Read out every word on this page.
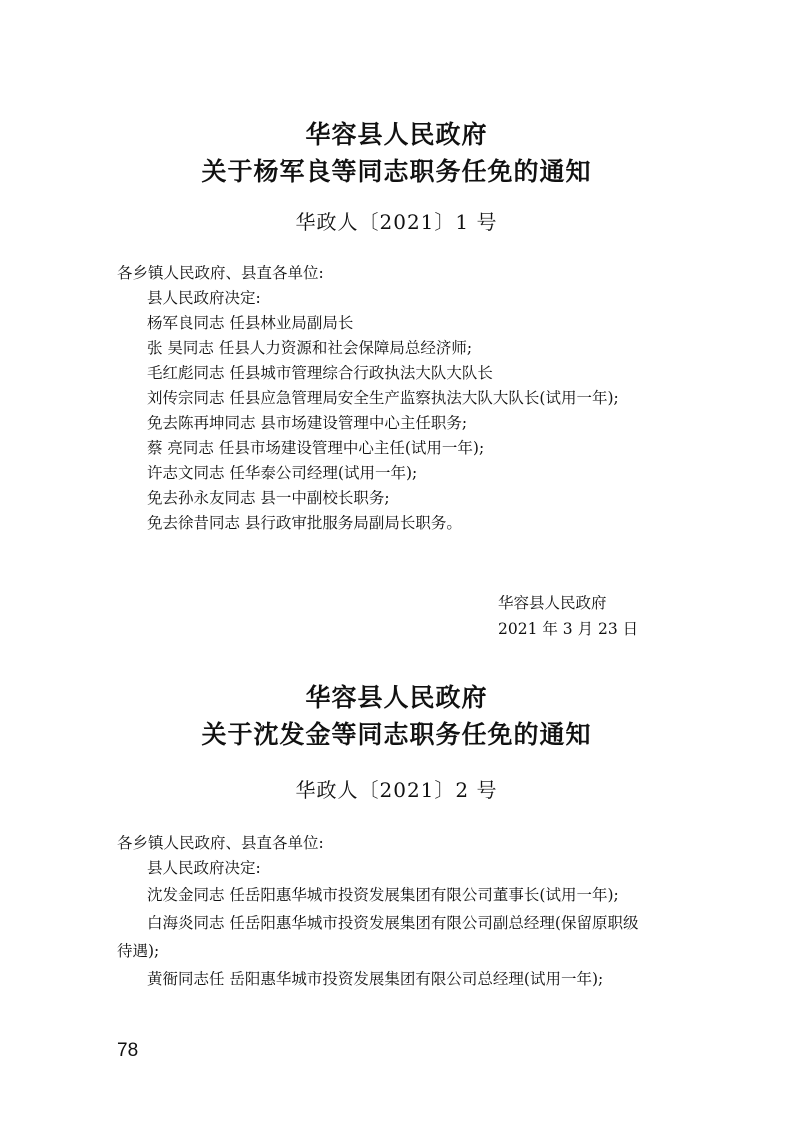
华容县人民政府
关于杨军良等同志职务任免的通知
华政人〔2021〕1 号
各乡镇人民政府、县直各单位:
县人民政府决定:
杨军良同志 任县林业局副局长
张 昊同志 任县人力资源和社会保障局总经济师;
毛红彪同志 任县城市管理综合行政执法大队大队长
刘传宗同志 任县应急管理局安全生产监察执法大队大队长(试用一年);
免去陈再坤同志 县市场建设管理中心主任职务;
蔡 亮同志 任县市场建设管理中心主任(试用一年);
许志文同志 任华泰公司经理(试用一年);
免去孙永友同志 县一中副校长职务;
免去徐昔同志 县行政审批服务局副局长职务。
华容县人民政府
2021 年 3 月 23 日
华容县人民政府
关于沈发金等同志职务任免的通知
华政人〔2021〕2 号
各乡镇人民政府、县直各单位:
县人民政府决定:
沈发金同志 任岳阳惠华城市投资发展集团有限公司董事长(试用一年);
白海炎同志 任岳阳惠华城市投资发展集团有限公司副总经理(保留原职级
待遇);
黄衙同志任 岳阳惠华城市投资发展集团有限公司总经理(试用一年);
78
